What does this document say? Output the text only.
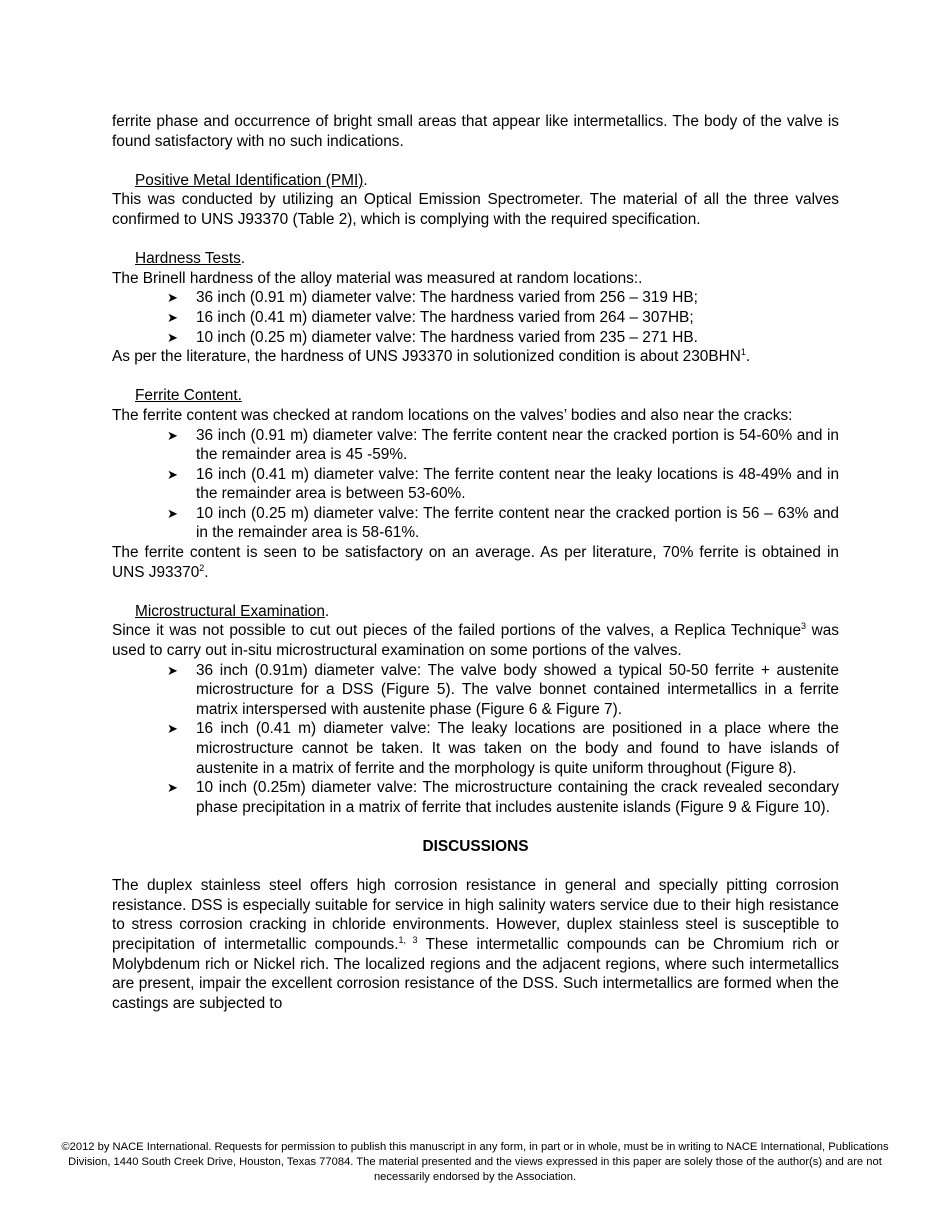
ferrite phase and occurrence of bright small areas that appear like intermetallics. The body of the valve is found satisfactory with no such indications.

Positive Metal Identification (PMI).

This was conducted by utilizing an Optical Emission Spectrometer. The material of all the three valves confirmed to UNS J93370 (Table 2), which is complying with the required specification.

Hardness Tests.

The Brinell hardness of the alloy material was measured at random locations:.

➤ 36 inch (0.91 m) diameter valve: The hardness varied from 256 – 319 HB;
➤ 16 inch (0.41 m) diameter valve: The hardness varied from 264 – 307HB;
➤ 10 inch (0.25 m) diameter valve: The hardness varied from 235 – 271 HB.

As per the literature, the hardness of UNS J93370 in solutionized condition is about 230BHN$^1$.

Ferrite Content.

The ferrite content was checked at random locations on the valves’ bodies and also near the cracks:

➤ 36 inch (0.91 m) diameter valve: The ferrite content near the cracked portion is 54-60% and in the remainder area is 45 -59%.
➤ 16 inch (0.41 m) diameter valve: The ferrite content near the leaky locations is 48-49% and in the remainder area is between 53-60%.
➤ 10 inch (0.25 m) diameter valve: The ferrite content near the cracked portion is 56 – 63% and in the remainder area is 58-61%.

The ferrite content is seen to be satisfactory on an average. As per literature, 70% ferrite is obtained in UNS J93370$^2$.

Microstructural Examination.

Since it was not possible to cut out pieces of the failed portions of the valves, a Replica Technique$^3$ was used to carry out in-situ microstructural examination on some portions of the valves.

➤ 36 inch (0.91m) diameter valve: The valve body showed a typical 50-50 ferrite + austenite microstructure for a DSS (Figure 5). The valve bonnet contained intermetallics in a ferrite matrix interspersed with austenite phase (Figure 6 & Figure 7).
➤ 16 inch (0.41 m) diameter valve: The leaky locations are positioned in a place where the microstructure cannot be taken. It was taken on the body and found to have islands of austenite in a matrix of ferrite and the morphology is quite uniform throughout (Figure 8).
➤ 10 inch (0.25m) diameter valve: The microstructure containing the crack revealed secondary phase precipitation in a matrix of ferrite that includes austenite islands (Figure 9 & Figure 10).
DISCUSSIONS

The duplex stainless steel offers high corrosion resistance in general and specially pitting corrosion resistance. DSS is especially suitable for service in high salinity waters service due to their high resistance to stress corrosion cracking in chloride environments. However, duplex stainless steel is susceptible to precipitation of intermetallic compounds.$^{1, 3}$ These intermetallic compounds can be Chromium rich or Molybdenum rich or Nickel rich. The localized regions and the adjacent regions, where such intermetallics are present, impair the excellent corrosion resistance of the DSS. Such intermetallics are formed when the castings are subjected to

©2012 by NACE International. Requests for permission to publish this manuscript in any form, in part or in whole, must be in writing to NACE International, Publications Division, 1440 South Creek Drive, Houston, Texas 77084. The material presented and the views expressed in this paper are solely those of the author(s) and are not necessarily endorsed by the Association.
